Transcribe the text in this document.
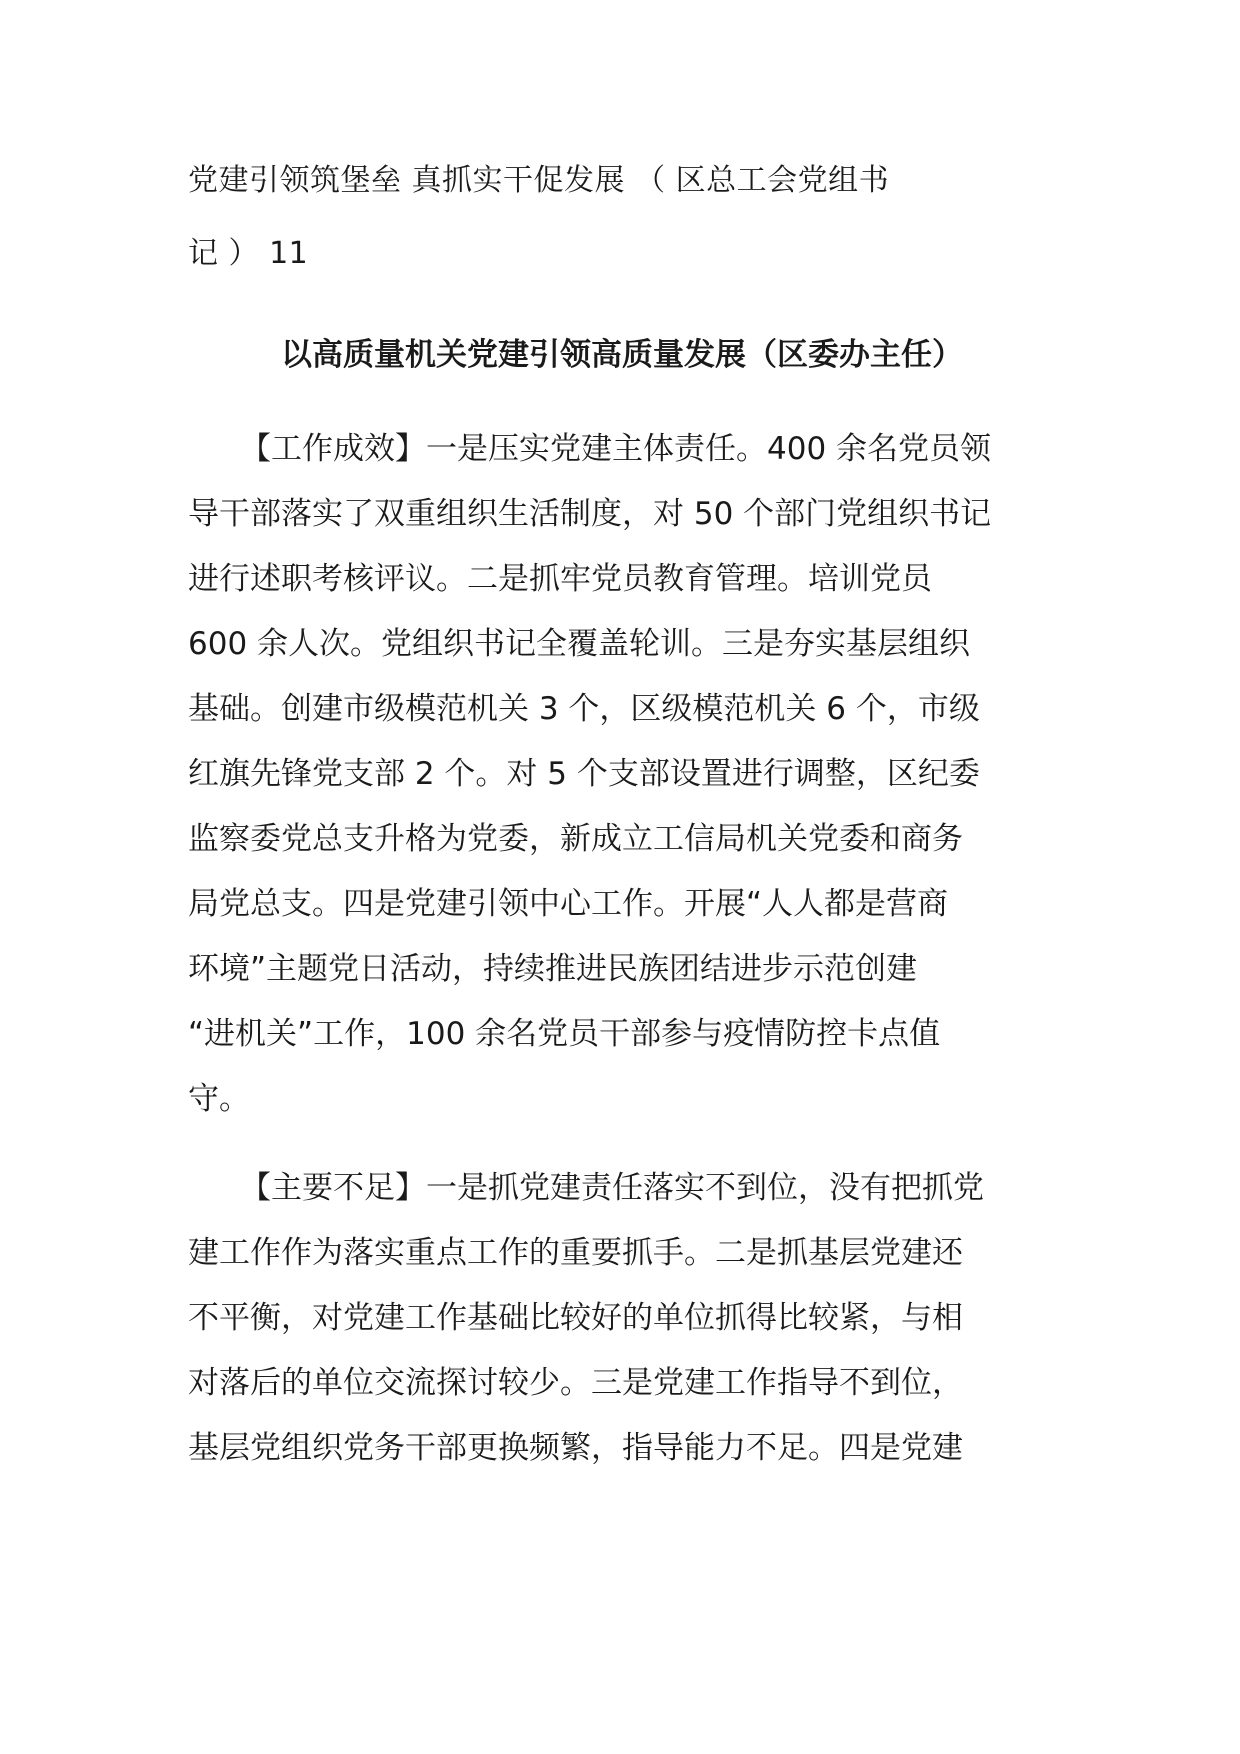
党建引领筑堡垒 真抓实干促发展 （ 区总工会党组书
记 ） 11
以高质量机关党建引领高质量发展（区委办主任）
【工作成效】一是压实党建主体责任。400 余名党员领
导干部落实了双重组织生活制度，对 50 个部门党组织书记
进行述职考核评议。二是抓牢党员教育管理。培训党员
600 余人次。党组织书记全覆盖轮训。三是夯实基层组织
基础。创建市级模范机关 3 个，区级模范机关 6 个，市级
红旗先锋党支部 2 个。对 5 个支部设置进行调整，区纪委
监察委党总支升格为党委，新成立工信局机关党委和商务
局党总支。四是党建引领中心工作。开展“人人都是营商
环境”主题党日活动，持续推进民族团结进步示范创建
“进机关”工作，100 余名党员干部参与疫情防控卡点值
守。
【主要不足】一是抓党建责任落实不到位，没有把抓党
建工作作为落实重点工作的重要抓手。二是抓基层党建还
不平衡，对党建工作基础比较好的单位抓得比较紧，与相
对落后的单位交流探讨较少。三是党建工作指导不到位，
基层党组织党务干部更换频繁，指导能力不足。四是党建
